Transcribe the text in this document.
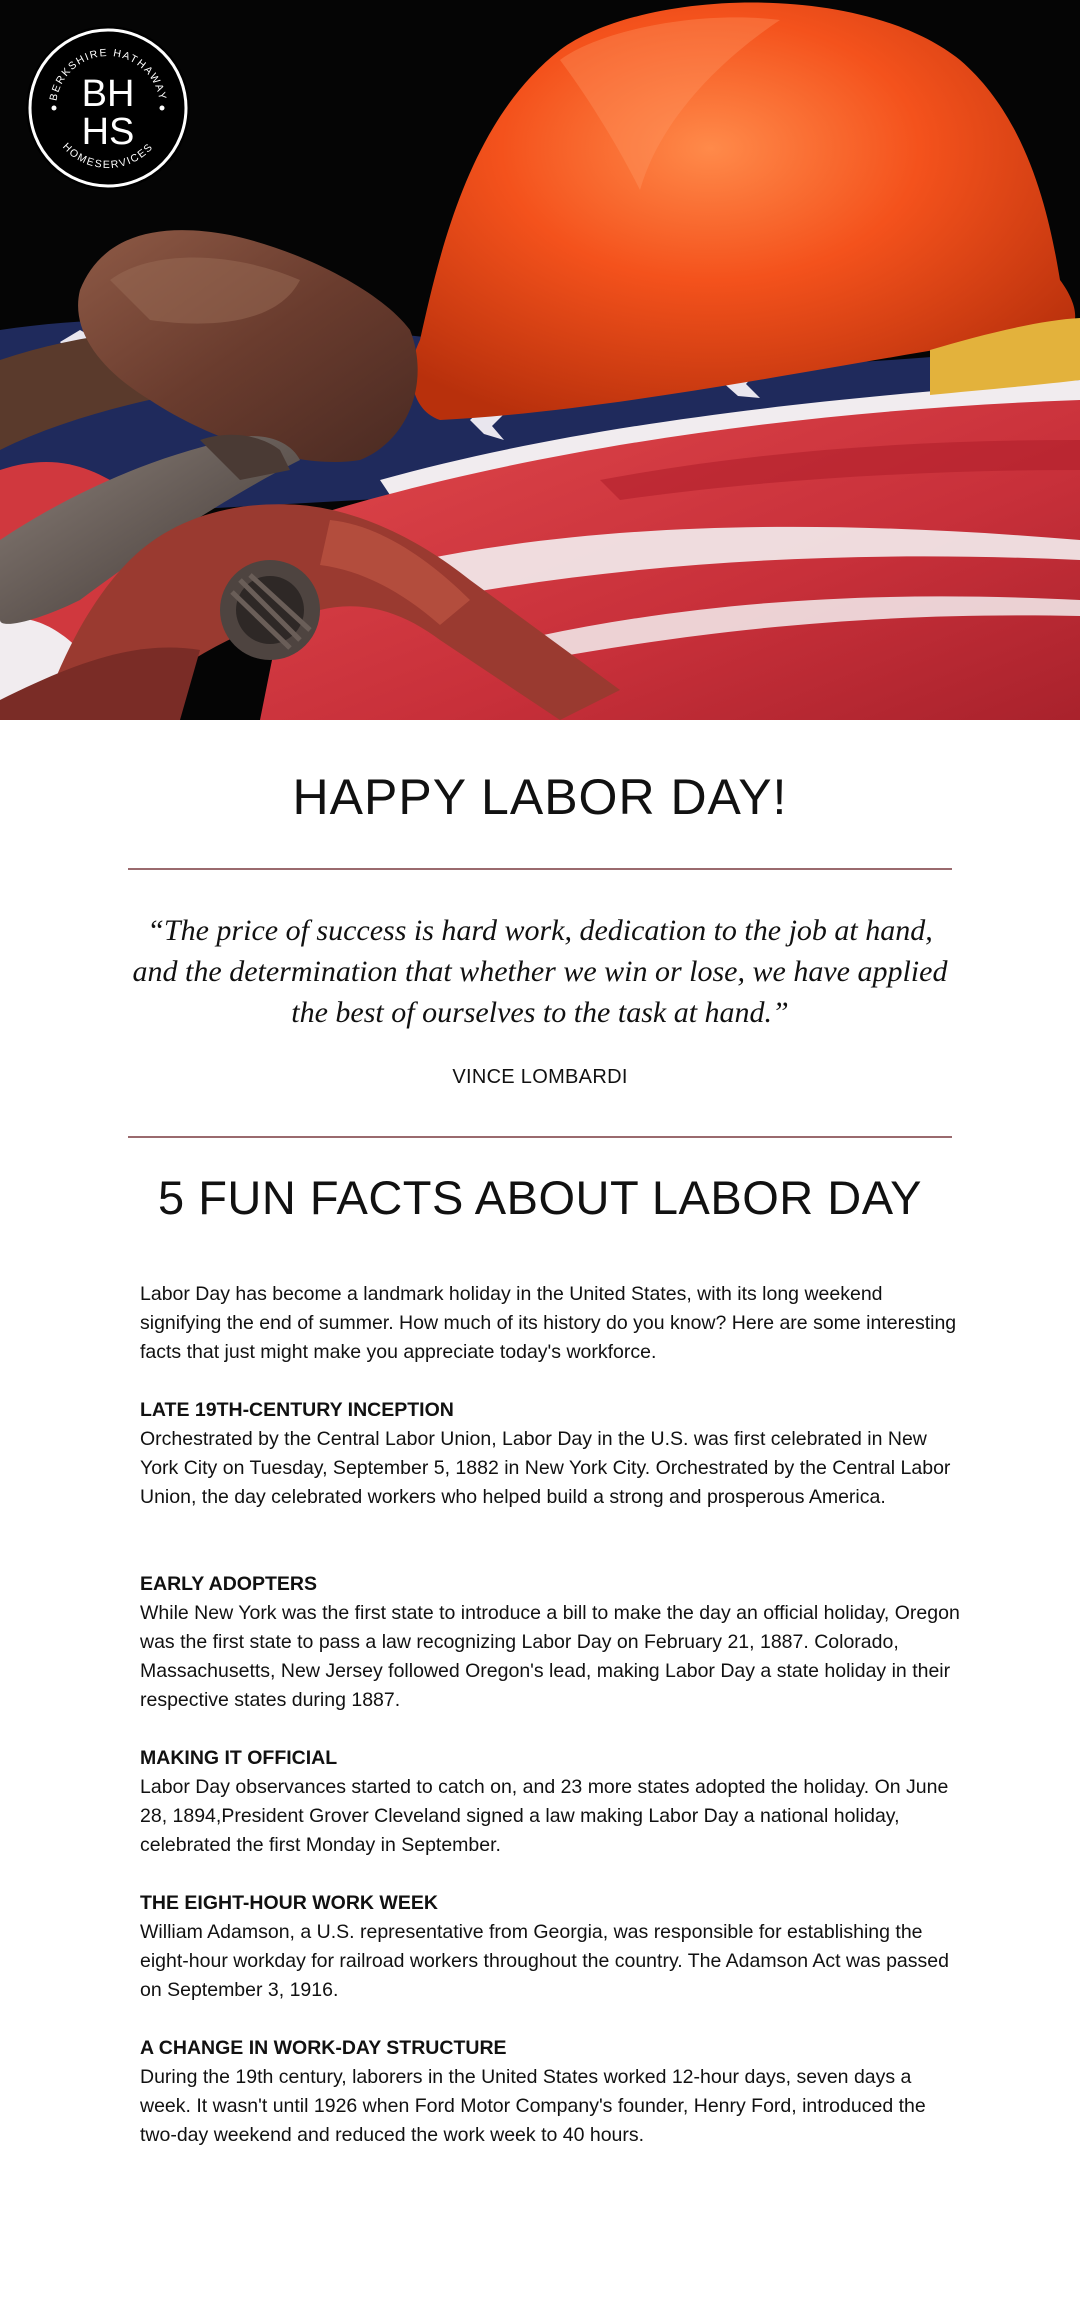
BERKSHIRE HATHAWAY
HOMESERVICES
BH
HS
HAPPY LABOR DAY!

“The price of success is hard work, dedication to the job at hand, and the determination that whether we win or lose, we have applied the best of ourselves to the task at hand.”

VINCE LOMBARDI
5 FUN FACTS ABOUT LABOR DAY

Labor Day has become a landmark holiday in the United States, with its long weekend signifying the end of summer. How much of its history do you know? Here are some interesting facts that just might make you appreciate today's workforce.

LATE 19TH-CENTURY INCEPTION

Orchestrated by the Central Labor Union, Labor Day in the U.S. was first celebrated in New York City on Tuesday, September 5, 1882 in New York City. Orchestrated by the Central Labor Union, the day celebrated workers who helped build a strong and prosperous America.

EARLY ADOPTERS

While New York was the first state to introduce a bill to make the day an official holiday, Oregon was the first state to pass a law recognizing Labor Day on February 21, 1887. Colorado, Massachusetts, New Jersey followed Oregon's lead, making Labor Day a state holiday in their respective states during 1887.

MAKING IT OFFICIAL

Labor Day observances started to catch on, and 23 more states adopted the holiday. On June 28, 1894,President Grover Cleveland signed a law making Labor Day a national holiday, celebrated the first Monday in September.

THE EIGHT-HOUR WORK WEEK

William Adamson, a U.S. representative from Georgia, was responsible for establishing the eight-hour workday for railroad workers throughout the country. The Adamson Act was passed on September 3, 1916.

A CHANGE IN WORK-DAY STRUCTURE

During the 19th century, laborers in the United States worked 12-hour days, seven days a week. It wasn't until 1926 when Ford Motor Company's founder, Henry Ford, introduced the two-day weekend and reduced the work week to 40 hours.
